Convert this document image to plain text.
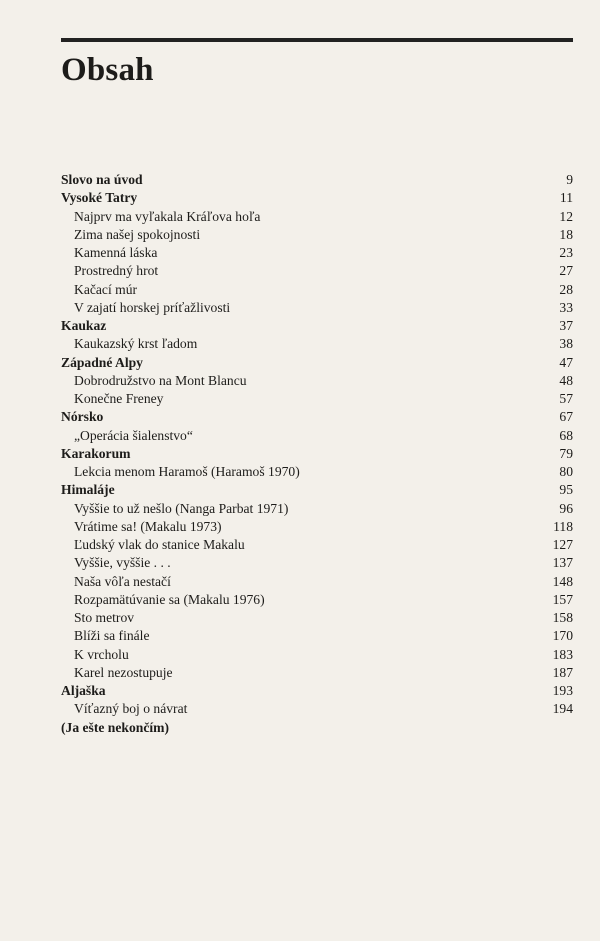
Obsah
Slovo na úvod	9
Vysoké Tatry	11
Najprv ma vyľakala Kráľova hoľa	12
Zima našej spokojnosti	18
Kamenná láska	23
Prostredný hrot	27
Kačací múr	28
V zajatí horskej príťažlivosti	33
Kaukaz	37
Kaukazský krst ľadom	38
Západné Alpy	47
Dobrodružstvo na Mont Blancu	48
Konečne Freney	57
Nórsko	67
„Operácia šialenstvo“	68
Karakorum	79
Lekcia menom Haramoš (Haramoš 1970)	80
Himaláje	95
Vyššie to už nešlo (Nanga Parbat 1971)	96
Vrátime sa! (Makalu 1973)	118
Ľudský vlak do stanice Makalu	127
Vyššie, vyššie . . .	137
Naša vôľa nestačí	148
Rozpamätúvanie sa (Makalu 1976)	157
Sto metrov	158
Blíži sa finále	170
K vrcholu	183
Karel nezostupuje	187
Aljaška	193
Víťazný boj o návrat	194
(Ja ešte nekončím)
